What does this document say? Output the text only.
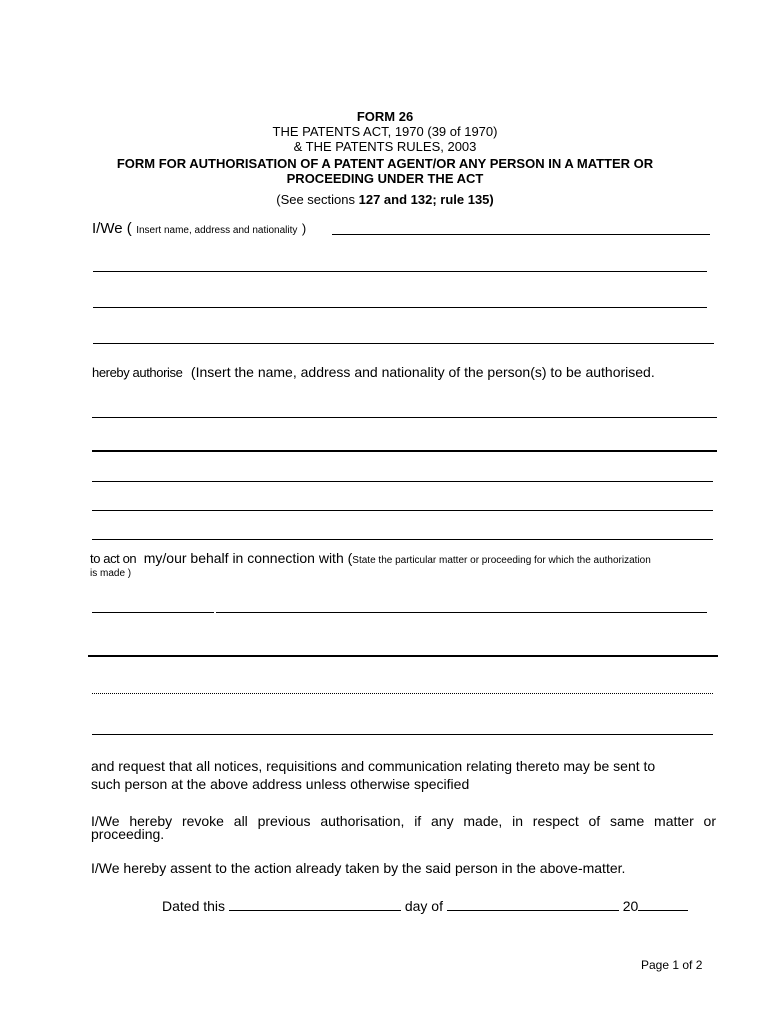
FORM 26
THE PATENTS ACT, 1970 (39 of 1970)
& THE PATENTS RULES, 2003
FORM FOR AUTHORISATION OF A PATENT AGENT/OR ANY PERSON IN A MATTER OR
PROCEEDING UNDER THE ACT
(See sections 127 and 132; rule 135)
I/We ( Insert name, address and nationality )
hereby authorise (Insert the name, address and nationality of the person(s) to be authorised.
to act on my/our behalf in connection with (State the particular matter or proceeding for which the authorization
is made )
and request that all notices, requisitions and communication relating thereto may be sent to
such person at the above address unless otherwise specified
I/We hereby revoke all previous authorisation, if any made, in respect of same matter or
proceeding.
I/We hereby assent to the action already taken by the said person in the above-matter.
Dated this	day of	20
Page 1 of 2
